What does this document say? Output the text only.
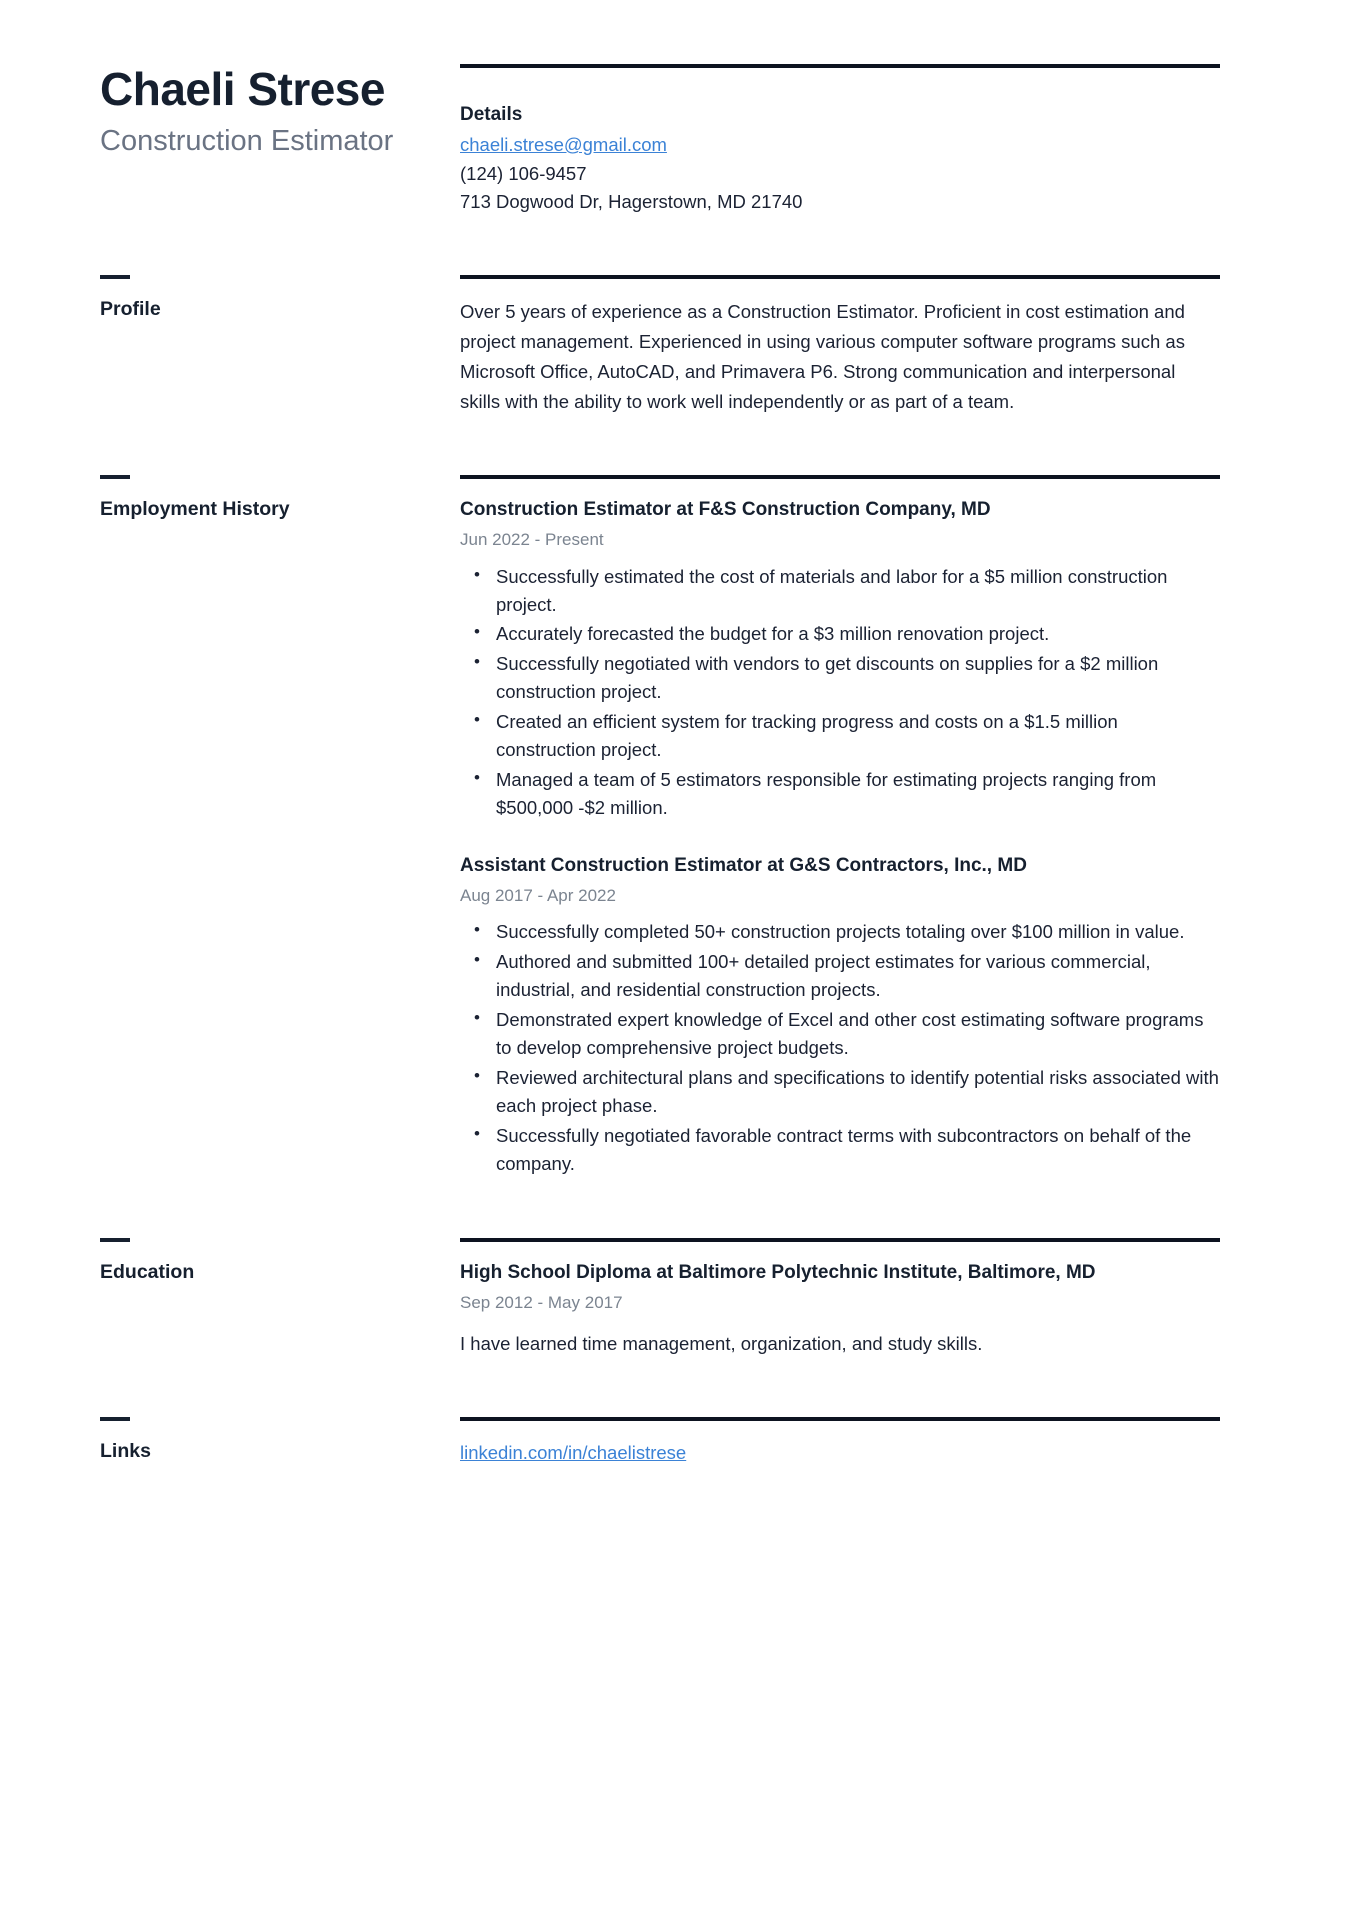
Chaeli Strese
Construction Estimator
Details
chaeli.strese@gmail.com
(124) 106-9457
713 Dogwood Dr, Hagerstown, MD 21740
Profile	Over 5 years of experience as a Construction Estimator. Proficient in cost estimation and project management. Experienced in using various computer software programs such as Microsoft Office, AutoCAD, and Primavera P6. Strong communication and interpersonal skills with the ability to work well independently or as part of a team.

Employment History	Construction Estimator at F&S Construction Company, MD
Jun 2022 - Present
• Successfully estimated the cost of materials and labor for a $5 million construction project.
• Accurately forecasted the budget for a $3 million renovation project.
• Successfully negotiated with vendors to get discounts on supplies for a $2 million construction project.
• Created an efficient system for tracking progress and costs on a $1.5 million construction project.
• Managed a team of 5 estimators responsible for estimating projects ranging from $500,000 -$2 million.
Assistant Construction Estimator at G&S Contractors, Inc., MD
Aug 2017 - Apr 2022
• Successfully completed 50+ construction projects totaling over $100 million in value.
• Authored and submitted 100+ detailed project estimates for various commercial, industrial, and residential construction projects.
• Demonstrated expert knowledge of Excel and other cost estimating software programs to develop comprehensive project budgets.
• Reviewed architectural plans and specifications to identify potential risks associated with each project phase.
• Successfully negotiated favorable contract terms with subcontractors on behalf of the company.
Education	High School Diploma at Baltimore Polytechnic Institute, Baltimore, MD
Sep 2012 - May 2017

I have learned time management, organization, and study skills.

Links	linkedin.com/in/chaelistrese
